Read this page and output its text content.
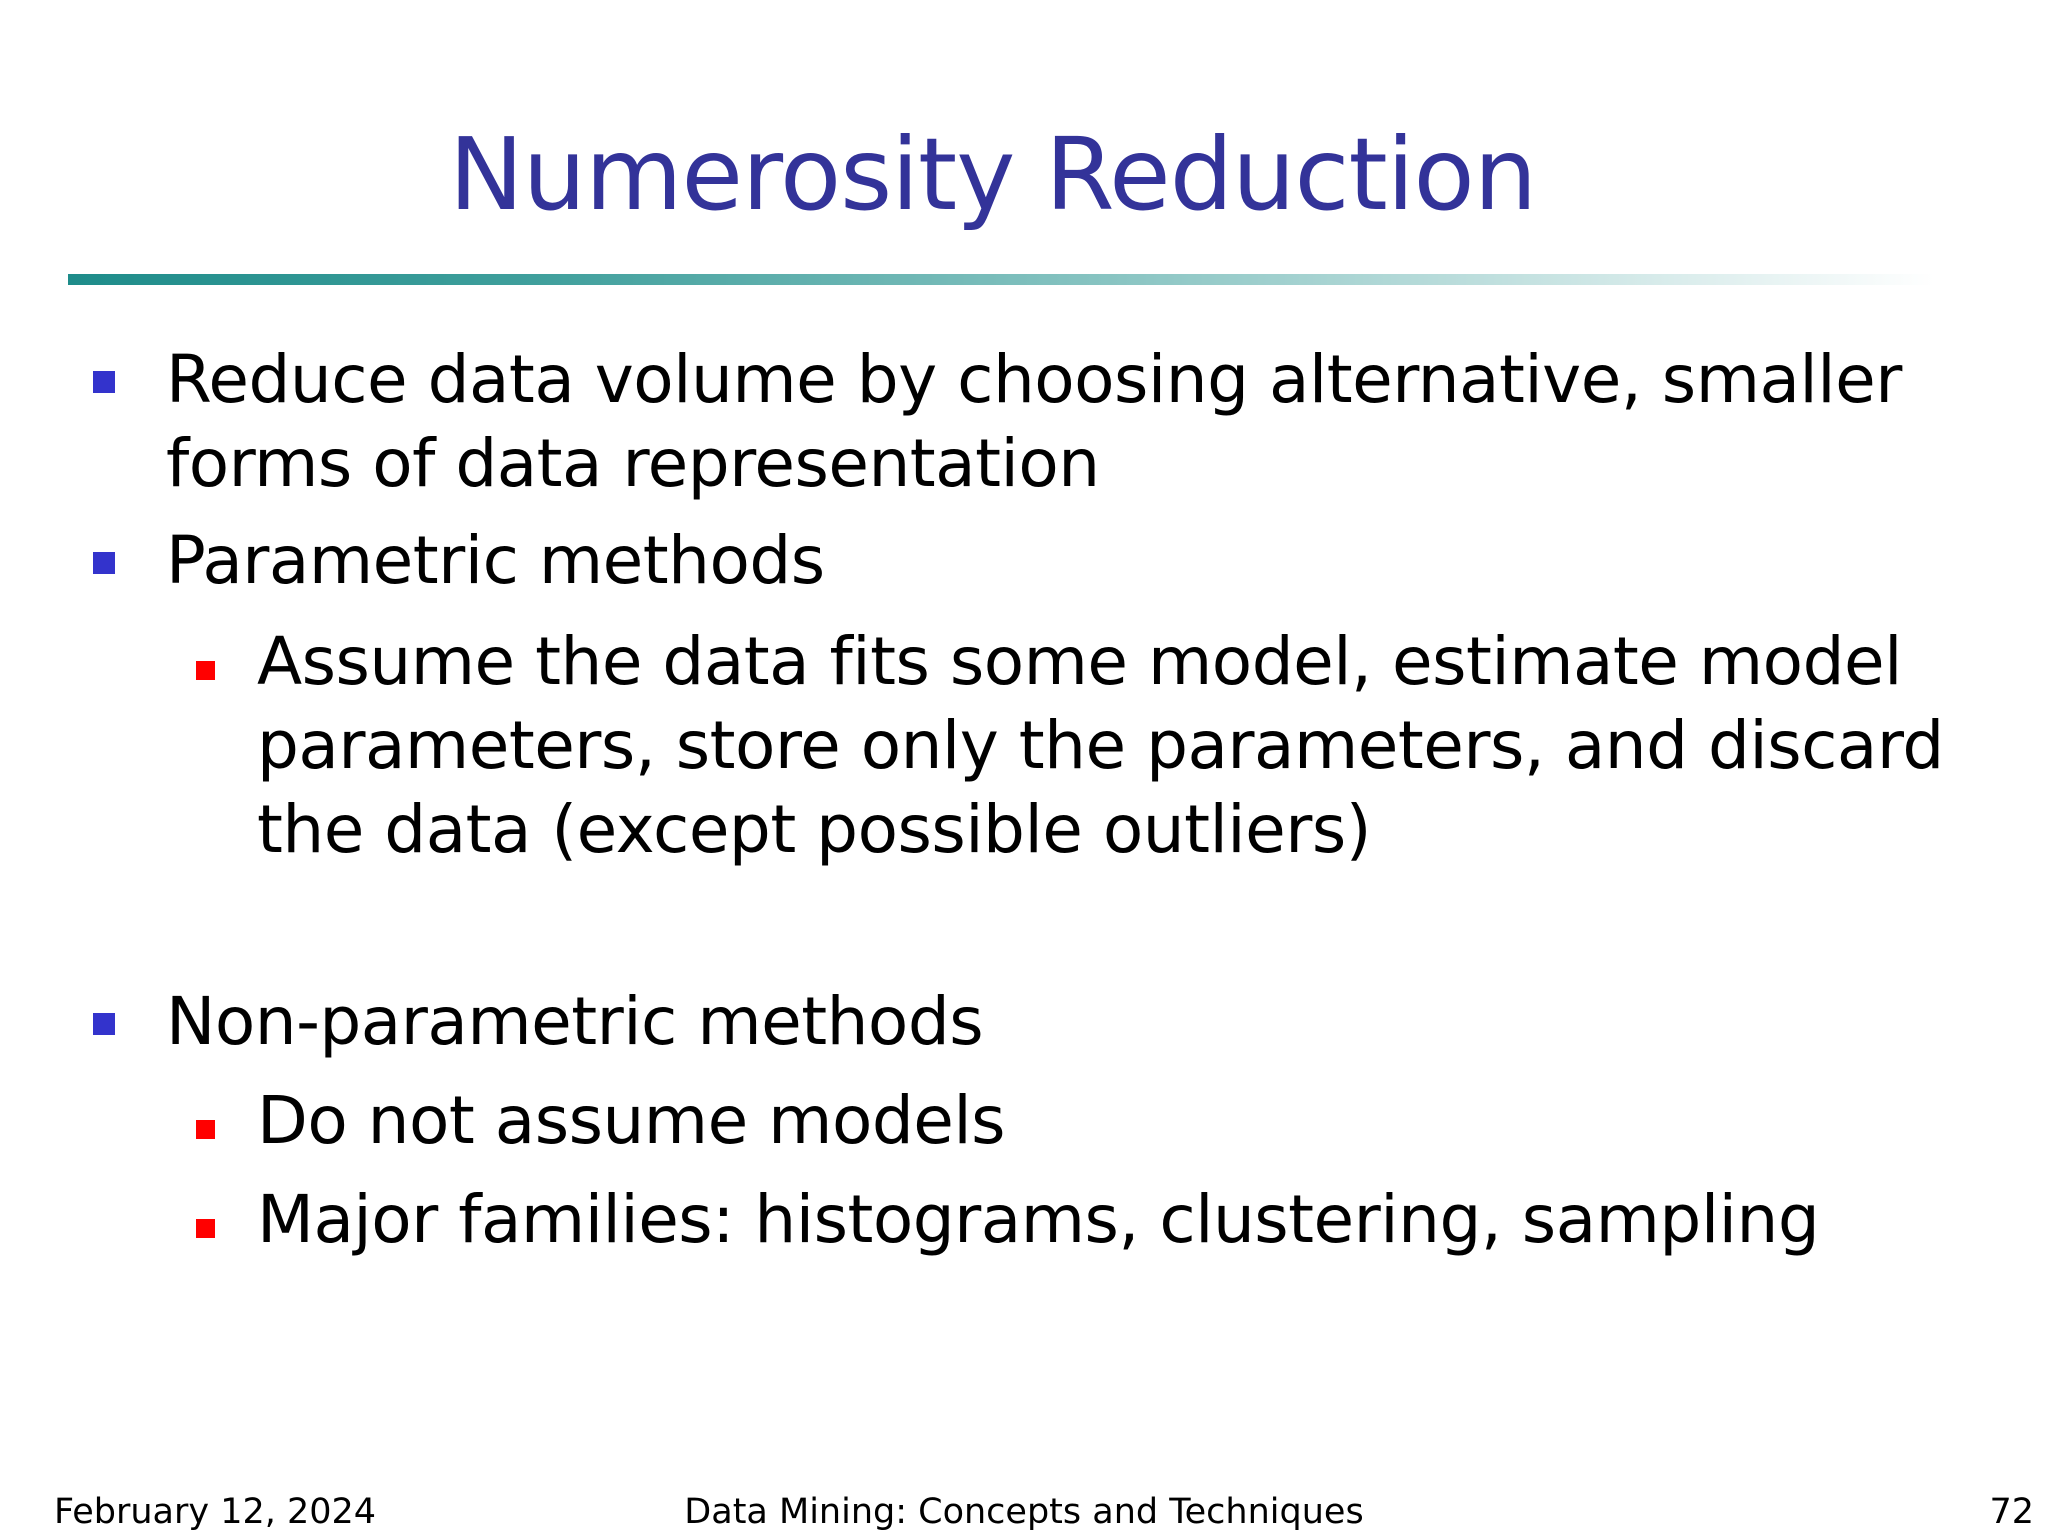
Numerosity Reduction
Reduce data volume by choosing alternative, smaller forms of data representation
Parametric methods
Assume the data fits some model, estimate model parameters, store only the parameters, and discard the data (except possible outliers)
Non-parametric methods
Do not assume models
Major families: histograms, clustering, sampling
February 12, 2024	Data Mining: Concepts and Techniques	72
